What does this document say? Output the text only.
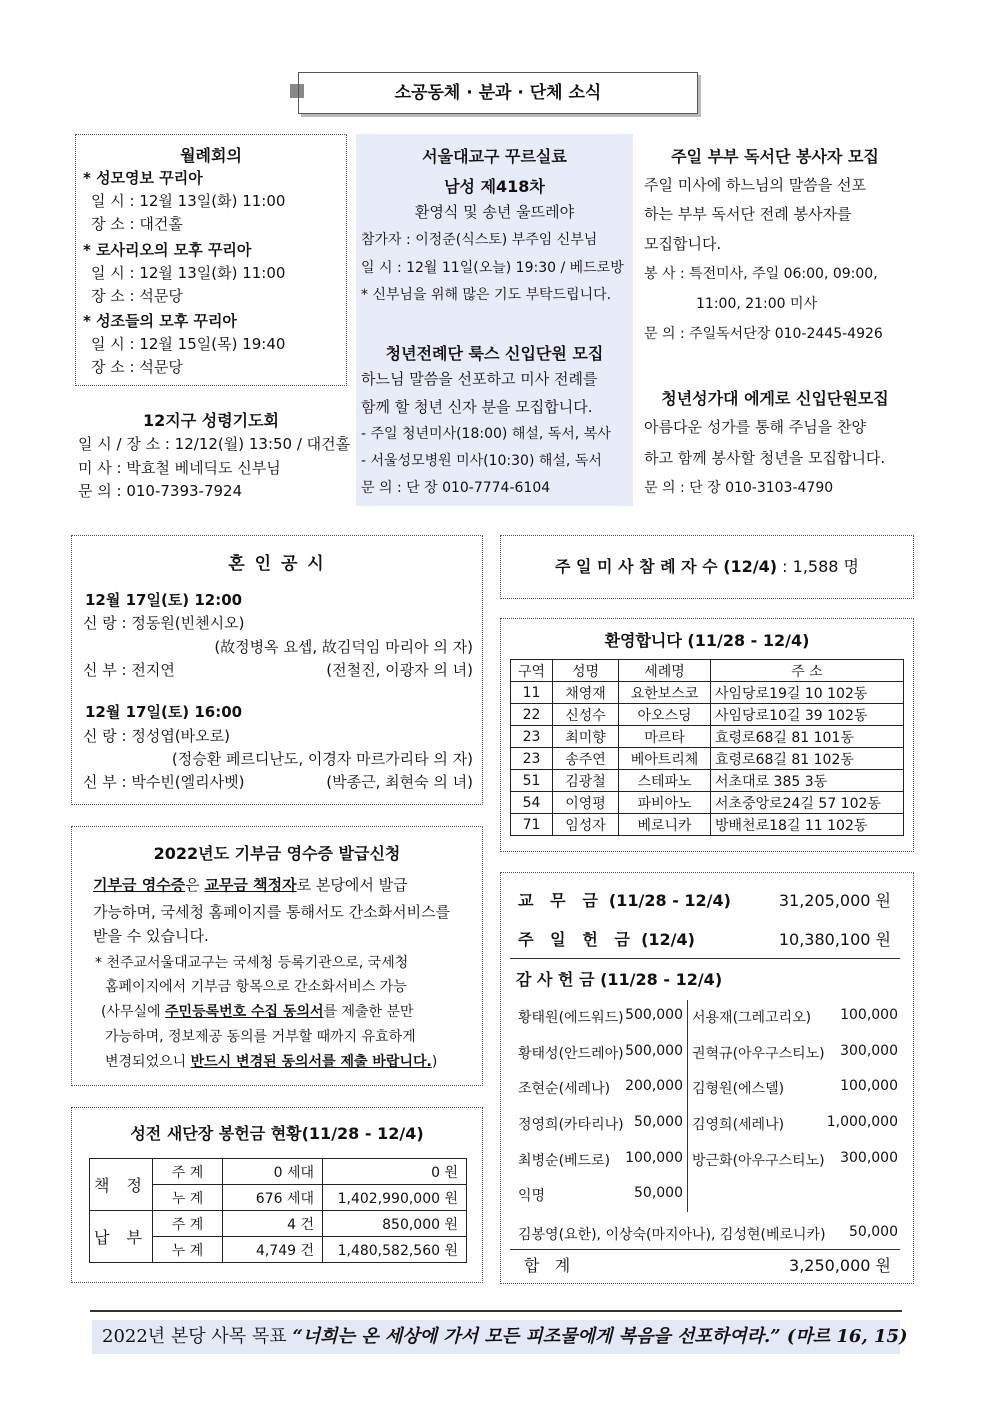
소공동체 · 분과 · 단체 소식
월례회의
* 성모영보 꾸리아
일 시 : 12월 13일(화) 11:00
장 소 : 대건홀
* 로사리오의 모후 꾸리아
일 시 : 12월 13일(화) 11:00
장 소 : 석문당
* 성조들의 모후 꾸리아
일 시 : 12월 15일(목) 19:40
장 소 : 석문당
12지구 성령기도회
일 시 / 장 소 : 12/12(월) 13:50 / 대건홀
미 사 : 박효철 베네딕도 신부님
문 의 : 010-7393-7924
서울대교구 꾸르실료
남성 제418차
환영식 및 송년 울뜨레야
참가자 : 이정준(식스토) 부주임 신부님
일 시 : 12월 11일(오늘) 19:30 / 베드로방
* 신부님을 위해 많은 기도 부탁드립니다.
청년전례단 룩스 신입단원 모집
하느님 말씀을 선포하고 미사 전례를
함께 할 청년 신자 분을 모집합니다.
- 주일 청년미사(18:00) 해설, 독서, 복사
- 서울성모병원 미사(10:30) 해설, 독서
문 의 : 단 장 010-7774-6104
주일 부부 독서단 봉사자 모집
주일 미사에 하느님의 말씀을 선포
하는 부부 독서단 전례 봉사자를
모집합니다.
봉 사 : 특전미사, 주일 06:00, 09:00,
11:00, 21:00 미사
문 의 : 주일독서단장 010-2445-4926
청년성가대 에게로 신입단원모집
아름다운 성가를 통해 주님을 찬양
하고 함께 봉사할 청년을 모집합니다.
문 의 : 단 장 010-3103-4790
혼 인 공 시
12월 17일(토) 12:00
신 랑 : 정동원(빈첸시오)
(故정병옥 요셉, 故김덕임 마리아 의 자)
신 부 : 전지연	(전철진, 이광자 의 녀)
12월 17일(토) 16:00
신 랑 : 정성엽(바오로)
(정승환 페르디난도, 이경자 마르가리타 의 자)
신 부 : 박수빈(엘리사벳)	(박종근, 최현숙 의 녀)
주 일 미 사 참 례 자 수 (12/4) : 1,588 명
환영합니다 (11/28 - 12/4)
구역	성명	세례명	주 소
11	채영재	요한보스코	사임당로19길 10 102동
22	신성수	아오스딩	사임당로10길 39 102동
23	최미향	마르타	효령로68길 81 101동
23	송주연	베아트리체	효령로68길 81 102동
51	김광철	스테파노	서초대로 385 3동
54	이영평	파비아노	서초중앙로24길 57 102동
71	임성자	베로니카	방배천로18길 11 102동
2022년도 기부금 영수증 발급신청
기부금 영수증은 교무금 책정자로 본당에서 발급
가능하며, 국세청 홈페이지를 통해서도 간소화서비스를
받을 수 있습니다.
* 천주교서울대교구는 국세청 등록기관으로, 국세청
홈페이지에서 기부금 항목으로 간소화서비스 가능
(사무실에 주민등록번호 수집 동의서를 제출한 분만
가능하며, 정보제공 동의를 거부할 때까지 유효하게
변경되었으니 반드시 변경된 동의서를 제출 바랍니다.)
성전 새단장 봉헌금 현황(11/28 - 12/4)
책 정	주 계	0 세대	0 원
	누 계	676 세대	1,402,990,000 원
납 부	주 계	4 건	850,000 원
	누 계	4,749 건	1,480,582,560 원
교   무   금  (11/28 - 12/4)	31,205,000 원
주   일   헌   금  (12/4)	10,380,100 원
감 사 헌 금 (11/28 - 12/4)
황태원(에드워드) 500,000
황태성(안드레아) 500,000
조현순(세레나) 200,000
정영희(카타리나) 50,000
최병순(베드로) 100,000
익명	50,000
서용재(그레고리오) 100,000
권혁규(아우구스티노) 300,000
김형원(에스델)	100,000
김영희(세레나)	1,000,000
방근화(아우구스티노) 300,000
김봉영(요한), 이상숙(마지아나), 김성현(베로니카) 50,000
합   계	3,250,000 원
2022년 본당 사목 목표 “너희는 온 세상에 가서 모든 피조물에게 복음을 선포하여라.” (마르 16, 15)
